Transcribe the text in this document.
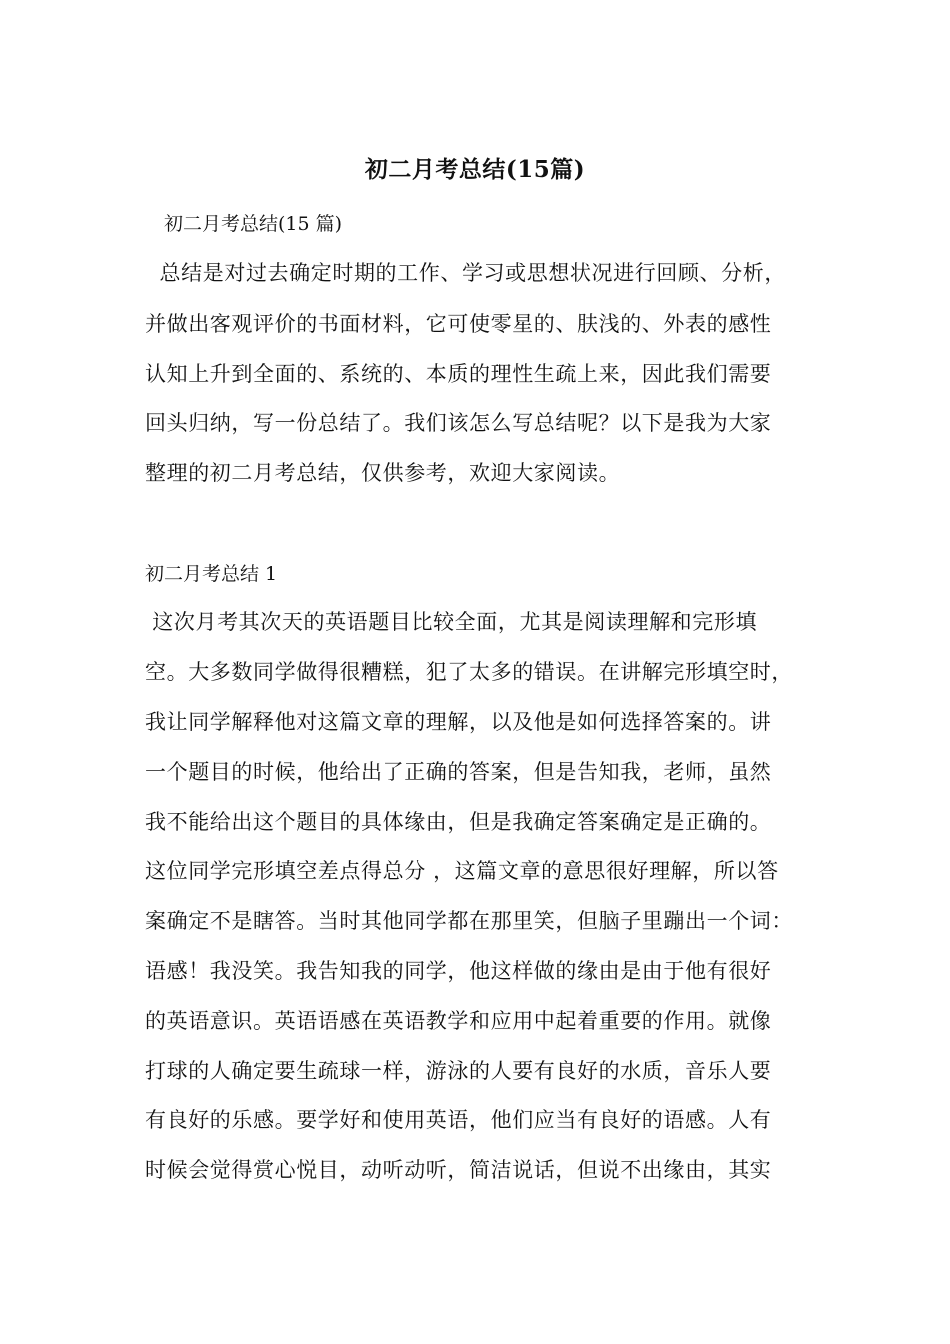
初二月考总结(15篇)
初二月考总结(15 篇)
总结是对过去确定时期的工作、学习或思想状况进行回顾、分析，
并做出客观评价的书面材料，它可使零星的、肤浅的、外表的感性
认知上升到全面的、系统的、本质的理性生疏上来，因此我们需要
回头归纳，写一份总结了。我们该怎么写总结呢？以下是我为大家
整理的初二月考总结，仅供参考，欢迎大家阅读。
初二月考总结 1
这次月考其次天的英语题目比较全面，尤其是阅读理解和完形填
空。大多数同学做得很糟糕，犯了太多的错误。在讲解完形填空时，
我让同学解释他对这篇文章的理解，以及他是如何选择答案的。讲
一个题目的时候，他给出了正确的答案，但是告知我，老师，虽然
我不能给出这个题目的具体缘由，但是我确定答案确定是正确的。
这位同学完形填空差点得总分 ，这篇文章的意思很好理解，所以答
案确定不是瞎答。当时其他同学都在那里笑，但脑子里蹦出一个词：
语感！我没笑。我告知我的同学，他这样做的缘由是由于他有很好
的英语意识。英语语感在英语教学和应用中起着重要的作用。就像
打球的人确定要生疏球一样，游泳的人要有良好的水质，音乐人要
有良好的乐感。要学好和使用英语，他们应当有良好的语感。人有
时候会觉得赏心悦目，动听动听，简洁说话，但说不出缘由，其实
